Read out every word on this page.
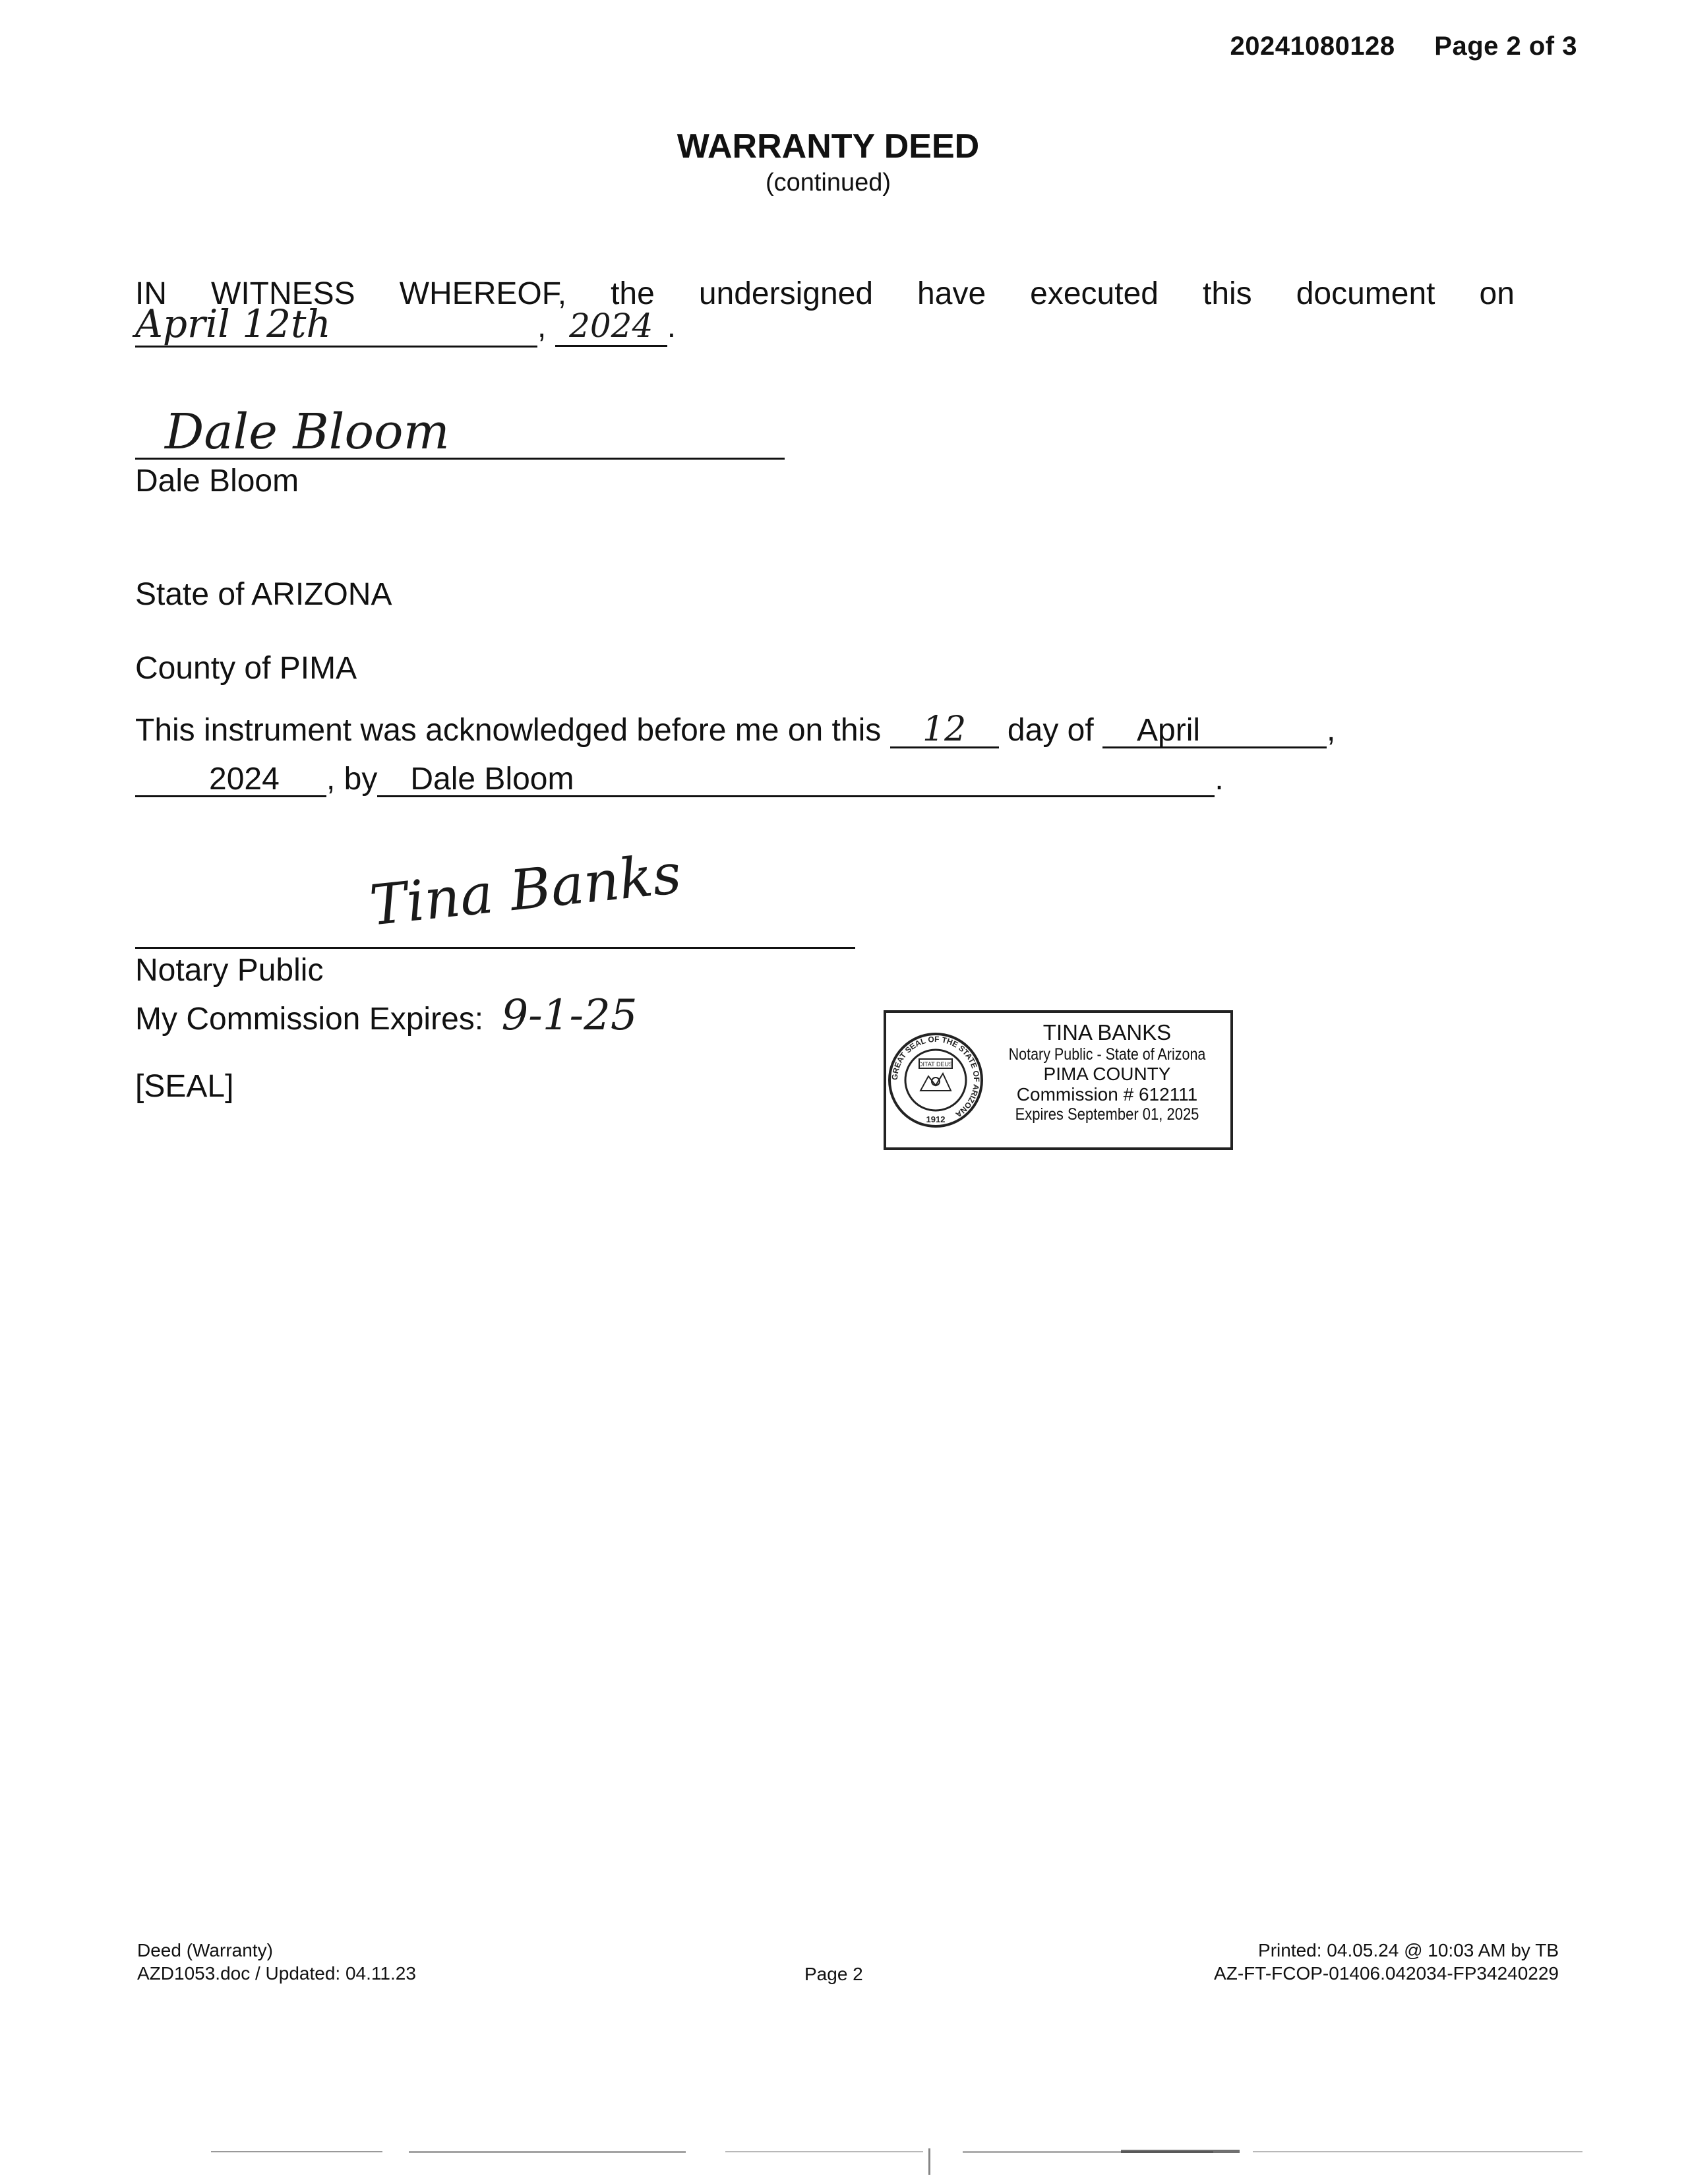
20241080128 Page 2 of 3
WARRANTY DEED
(continued)
IN WITNESS WHEREOF, the undersigned have executed this document on
April 12th	, 2024 .
Dale Bloom
Dale Bloom
State of ARIZONA
County of PIMA
This instrument was acknowledged before me on this 12 day of April	,
2024 , by Dale Bloom	.
Tina Banks
Notary Public
My Commission Expires: 9-1-25
[SEAL]	GREAT SEAL OF THE STATE OF ARIZONA
DITAT DEUS
1912
TINA BANKS
Notary Public - State of Arizona
PIMA COUNTY
Commission # 612111
Expires September 01, 2025
Deed (Warranty)
AZD1053.doc / Updated: 04.11.23	Page 2
Printed: 04.05.24 @ 10:03 AM by TB
AZ-FT-FCOP-01406.042034-FP34240229
